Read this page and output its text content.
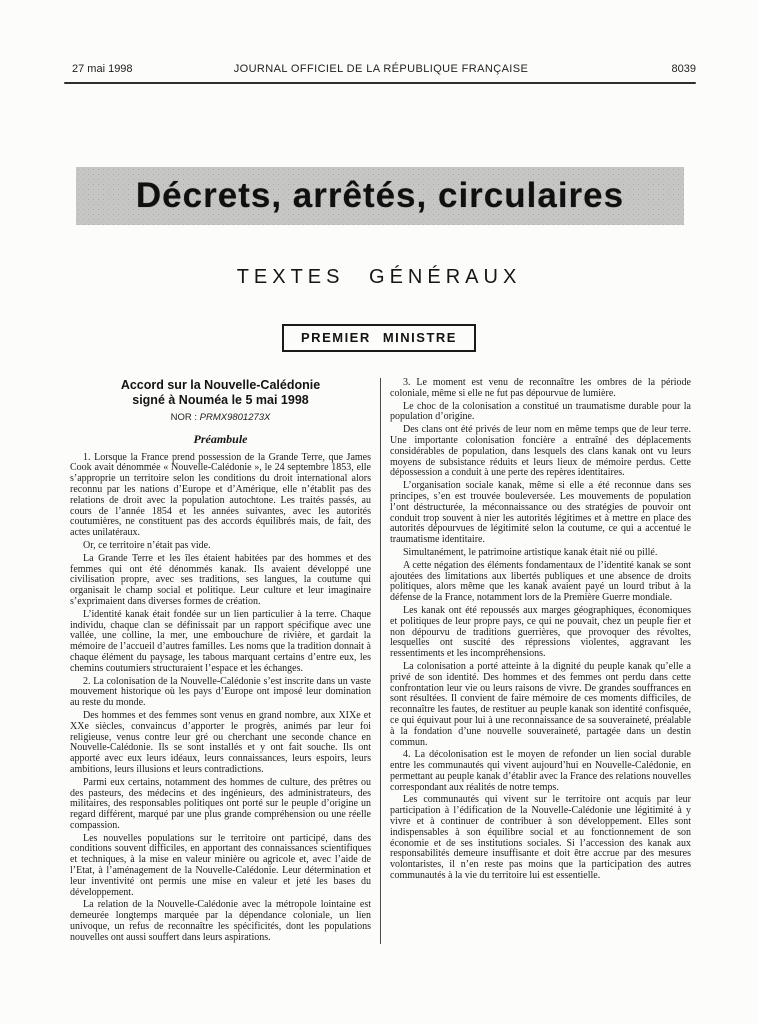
27 mai 1998	JOURNAL OFFICIEL DE LA RÉPUBLIQUE FRANÇAISE	8039
Décrets, arrêtés, circulaires
TEXTES GÉNÉRAUX
PREMIER MINISTRE
Accord sur la Nouvelle-Calédonie
signé à Nouméa le 5 mai 1998
NOR : PRMX9801273X
Préambule

1. Lorsque la France prend possession de la Grande Terre, que James Cook avait dénommée « Nouvelle-Calédonie », le 24 septembre 1853, elle s’approprie un territoire selon les conditions du droit international alors reconnu par les nations d’Europe et d’Amérique, elle n’établit pas des relations de droit avec la population autochtone. Les traités passés, au cours de l’année 1854 et les années suivantes, avec les autorités coutumières, ne constituent pas des accords équilibrés mais, de fait, des actes unilatéraux.

Or, ce territoire n’était pas vide.

La Grande Terre et les îles étaient habitées par des hommes et des femmes qui ont été dénommés kanak. Ils avaient développé une civilisation propre, avec ses traditions, ses langues, la coutume qui organisait le champ social et politique. Leur culture et leur imaginaire s’exprimaient dans diverses formes de création.

L’identité kanak était fondée sur un lien particulier à la terre. Chaque individu, chaque clan se définissait par un rapport spécifique avec une vallée, une colline, la mer, une embouchure de rivière, et gardait la mémoire de l’accueil d’autres familles. Les noms que la tradition donnait à chaque élément du paysage, les tabous marquant certains d’entre eux, les chemins coutumiers structuraient l’espace et les échanges.

2. La colonisation de la Nouvelle-Calédonie s’est inscrite dans un vaste mouvement historique où les pays d’Europe ont imposé leur domination au reste du monde.

Des hommes et des femmes sont venus en grand nombre, aux XIXe et XXe siècles, convaincus d’apporter le progrès, animés par leur foi religieuse, venus contre leur gré ou cherchant une seconde chance en Nouvelle-Calédonie. Ils se sont installés et y ont fait souche. Ils ont apporté avec eux leurs idéaux, leurs connaissances, leurs espoirs, leurs ambitions, leurs illusions et leurs contradictions.

Parmi eux certains, notamment des hommes de culture, des prêtres ou des pasteurs, des médecins et des ingénieurs, des administrateurs, des militaires, des responsables politiques ont porté sur le peuple d’origine un regard différent, marqué par une plus grande compréhension ou une réelle compassion.

Les nouvelles populations sur le territoire ont participé, dans des conditions souvent difficiles, en apportant des connaissances scientifiques et techniques, à la mise en valeur minière ou agricole et, avec l’aide de l’Etat, à l’aménagement de la Nouvelle-Calédonie. Leur détermination et leur inventivité ont permis une mise en valeur et jeté les bases du développement.

La relation de la Nouvelle-Calédonie avec la métropole lointaine est demeurée longtemps marquée par la dépendance coloniale, un lien univoque, un refus de reconnaître les spécificités, dont les populations nouvelles ont aussi souffert dans leurs aspirations.

3. Le moment est venu de reconnaître les ombres de la période coloniale, même si elle ne fut pas dépourvue de lumière.

Le choc de la colonisation a constitué un traumatisme durable pour la population d’origine.

Des clans ont été privés de leur nom en même temps que de leur terre. Une importante colonisation foncière a entraîné des déplacements considérables de population, dans lesquels des clans kanak ont vu leurs moyens de subsistance réduits et leurs lieux de mémoire perdus. Cette dépossession a conduit à une perte des repères identitaires.

L’organisation sociale kanak, même si elle a été reconnue dans ses principes, s’en est trouvée bouleversée. Les mouvements de population l’ont déstructurée, la méconnaissance ou des stratégies de pouvoir ont conduit trop souvent à nier les autorités légitimes et à mettre en place des autorités dépourvues de légitimité selon la coutume, ce qui a accentué le traumatisme identitaire.

Simultanément, le patrimoine artistique kanak était nié ou pillé.

A cette négation des éléments fondamentaux de l’identité kanak se sont ajoutées des limitations aux libertés publiques et une absence de droits politiques, alors même que les kanak avaient payé un lourd tribut à la défense de la France, notamment lors de la Première Guerre mondiale.

Les kanak ont été repoussés aux marges géographiques, économiques et politiques de leur propre pays, ce qui ne pouvait, chez un peuple fier et non dépourvu de traditions guerrières, que provoquer des révoltes, lesquelles ont suscité des répressions violentes, aggravant les ressentiments et les incompréhensions.

La colonisation a porté atteinte à la dignité du peuple kanak qu’elle a privé de son identité. Des hommes et des femmes ont perdu dans cette confrontation leur vie ou leurs raisons de vivre. De grandes souffrances en sont résultées. Il convient de faire mémoire de ces moments difficiles, de reconnaître les fautes, de restituer au peuple kanak son identité confisquée, ce qui équivaut pour lui à une reconnaissance de sa souveraineté, préalable à la fondation d’une nouvelle souveraineté, partagée dans un destin commun.

4. La décolonisation est le moyen de refonder un lien social durable entre les communautés qui vivent aujourd’hui en Nouvelle-Calédonie, en permettant au peuple kanak d’établir avec la France des relations nouvelles correspondant aux réalités de notre temps.

Les communautés qui vivent sur le territoire ont acquis par leur participation à l’édification de la Nouvelle-Calédonie une légitimité à y vivre et à continuer de contribuer à son développement. Elles sont indispensables à son équilibre social et au fonctionnement de son économie et de ses institutions sociales. Si l’accession des kanak aux responsabilités demeure insuffisante et doit être accrue par des mesures volontaristes, il n’en reste pas moins que la participation des autres communautés à la vie du territoire lui est essentielle.
